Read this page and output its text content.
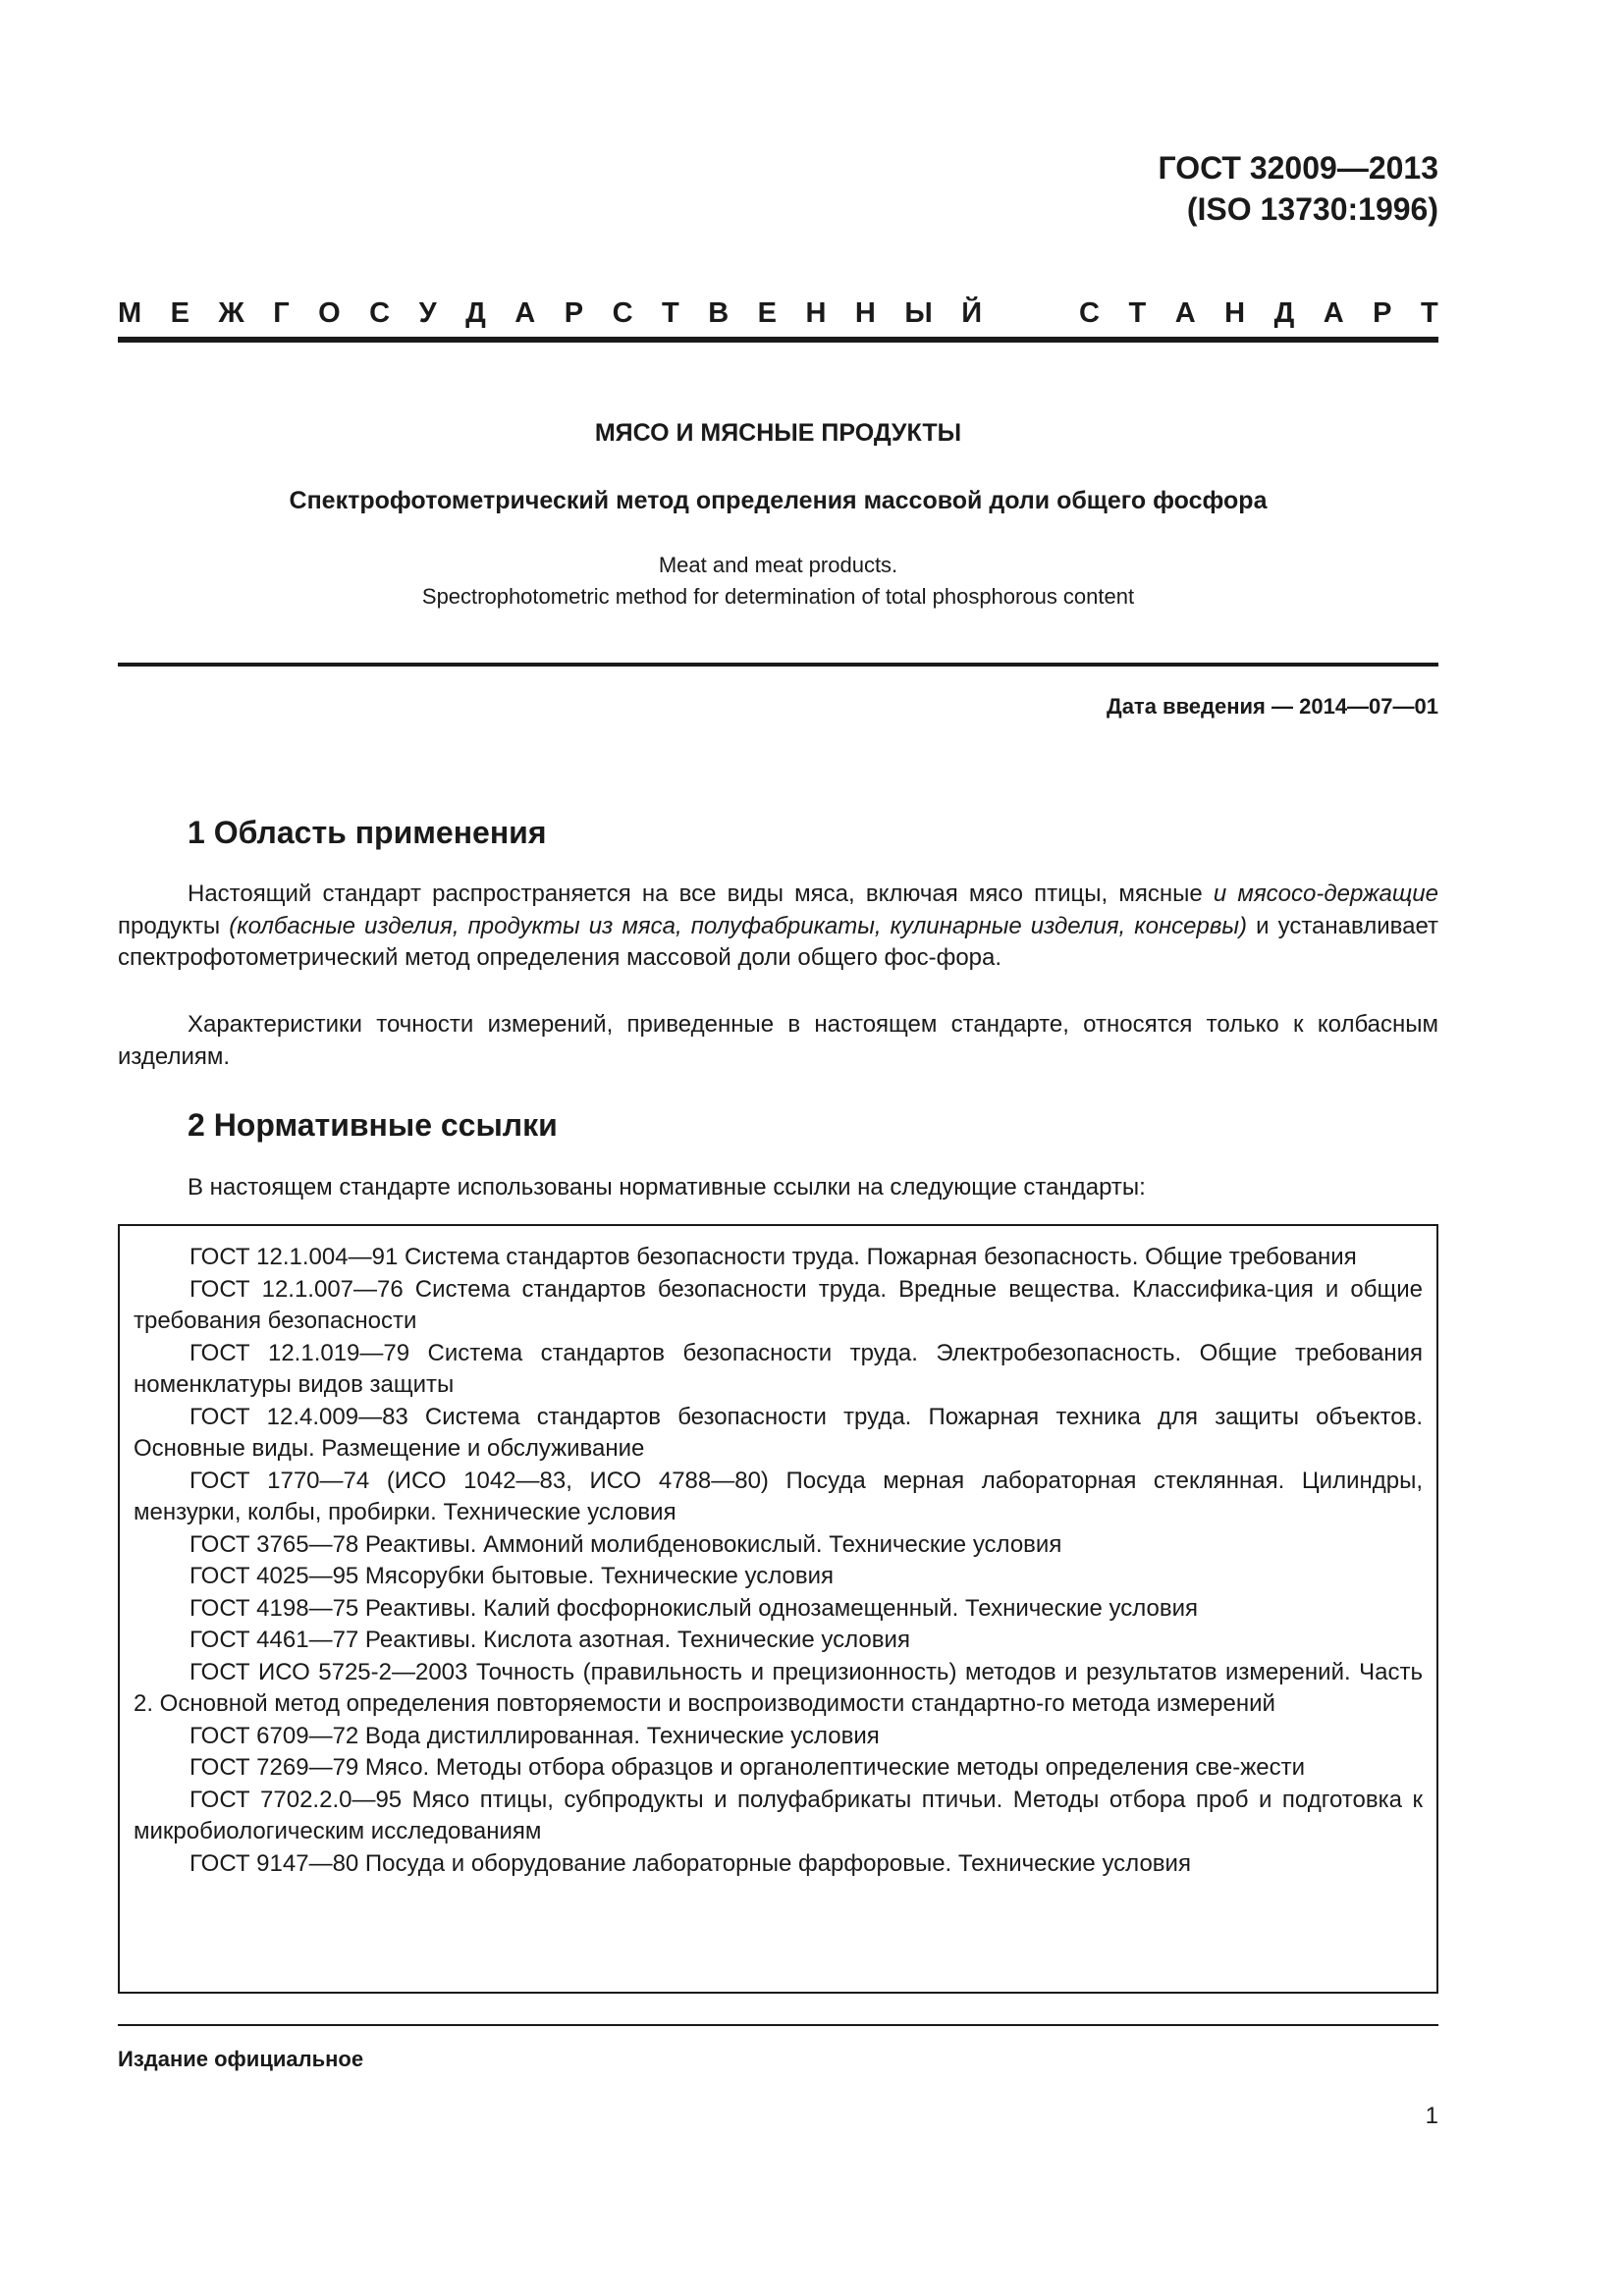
ГОСТ 32009—2013
(ISO 13730:1996)
М Е Ж Г О С У Д А Р С Т В Е Н Н Ы Й	С Т А Н Д А Р Т
МЯСО И МЯСНЫЕ ПРОДУКТЫ
Спектрофотометрический метод определения массовой доли общего фосфора
Meat and meat products.
Spectrophotometric method for determination of total phosphorous content
Дата введения — 2014—07—01
1 Область применения

Настоящий стандарт распространяется на все виды мяса, включая мясо птицы, мясные и мясосо-держащие продукты (колбасные изделия, продукты из мяса, полуфабрикаты, кулинарные изделия, консервы) и устанавливает спектрофотометрический метод определения массовой доли общего фос-фора.

Характеристики точности измерений, приведенные в настоящем стандарте, относятся только к колбасным изделиям.

2 Нормативные ссылки

В настоящем стандарте использованы нормативные ссылки на следующие стандарты:

ГОСТ 12.1.004—91 Система стандартов безопасности труда. Пожарная безопасность. Общие требования
ГОСТ 12.1.007—76 Система стандартов безопасности труда. Вредные вещества. Классифика-ция и общие требования безопасности
ГОСТ 12.1.019—79 Система стандартов безопасности труда. Электробезопасность. Общие требования номенклатуры видов защиты
ГОСТ 12.4.009—83 Система стандартов безопасности труда. Пожарная техника для защиты объектов. Основные виды. Размещение и обслуживание
ГОСТ 1770—74 (ИСО 1042—83, ИСО 4788—80) Посуда мерная лабораторная стеклянная. Цилиндры, мензурки, колбы, пробирки. Технические условия
ГОСТ 3765—78 Реактивы. Аммоний молибденовокислый. Технические условия
ГОСТ 4025—95 Мясорубки бытовые. Технические условия
ГОСТ 4198—75 Реактивы. Калий фосфорнокислый однозамещенный. Технические условия
ГОСТ 4461—77 Реактивы. Кислота азотная. Технические условия
ГОСТ ИСО 5725-2—2003 Точность (правильность и прецизионность) методов и результатов измерений. Часть 2. Основной метод определения повторяемости и воспроизводимости стандартно-го метода измерений
ГОСТ 6709—72 Вода дистиллированная. Технические условия
ГОСТ 7269—79 Мясо. Методы отбора образцов и органолептические методы определения све-жести
ГОСТ 7702.2.0—95 Мясо птицы, субпродукты и полуфабрикаты птичьи. Методы отбора проб и подготовка к микробиологическим исследованиям
ГОСТ 9147—80 Посуда и оборудование лабораторные фарфоровые. Технические условия
Издание официальное
1
